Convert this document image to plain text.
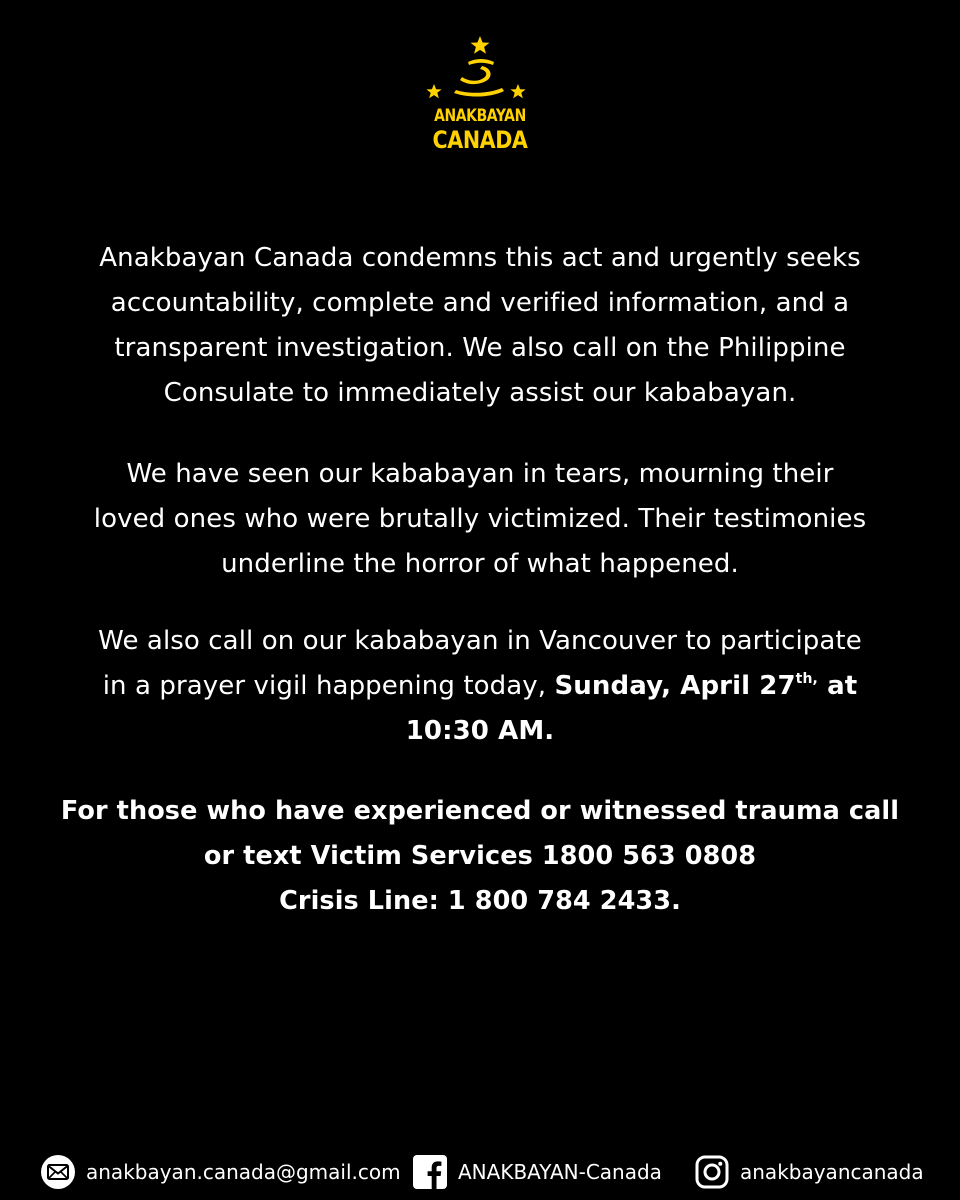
ANAKBAYAN
CANADA
Anakbayan Canada condemns this act and urgently seeks
accountability, complete and verified information, and a
transparent investigation. We also call on the Philippine
Consulate to immediately assist our kababayan.
We have seen our kababayan in tears, mourning their
loved ones who were brutally victimized. Their testimonies
underline the horror of what happened.
We also call on our kababayan in Vancouver to participate
in a prayer vigil happening today, Sunday, April $27^{th,}$ at
10:30 AM.
For those who have experienced or witnessed trauma call
or text Victim Services 1800 563 0808
Crisis Line: 1 800 784 2433.
anakbayan.canada@gmail.com	ANAKBAYAN-Canada	anakbayancanada
